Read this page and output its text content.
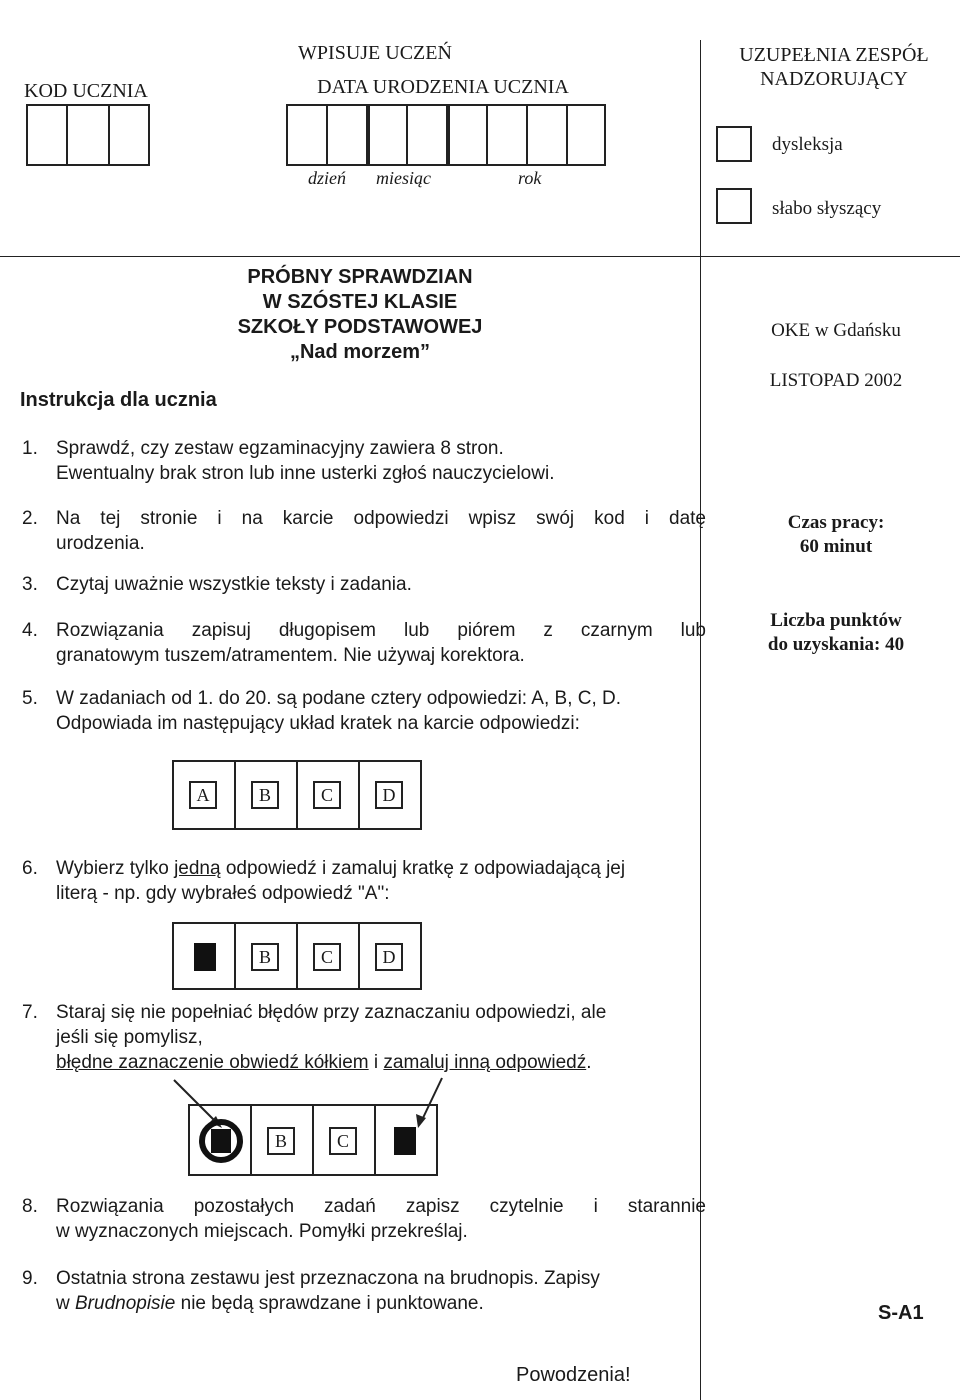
KOD UCZNIA
WPISUJE UCZEŃ
DATA URODZENIA UCZNIA
dzień miesiąc	rok
UZUPEŁNIA ZESPÓŁ
NADZORUJĄCY
dysleksja
słabo słyszący
PRÓBNY SPRAWDZIAN
W SZÓSTEJ KLASIE
SZKOŁY PODSTAWOWEJ
„Nad morzem”
Instrukcja dla ucznia
OKE w Gdańsku
LISTOPAD 2002
Czas pracy:
60 minut
Liczba punktów
do uzyskania: 40
1. Sprawdź, czy zestaw egzaminacyjny zawiera 8 stron.
Ewentualny brak stron lub inne usterki zgłoś nauczycielowi.
2. Na tej stronie i na karcie odpowiedzi wpisz swój kod i datę
urodzenia.
3. Czytaj uważnie wszystkie teksty i zadania.
4. Rozwiązania zapisuj długopisem lub piórem z czarnym lub
granatowym tuszem/atramentem. Nie używaj korektora.
5. W zadaniach od 1. do 20. są podane cztery odpowiedzi: A, B, C, D.
Odpowiada im następujący układ kratek na karcie odpowiedzi:
A	B	C	D
6. Wybierz tylko jedną odpowiedź i zamaluj kratkę z odpowiadającą jej
literą - np. gdy wybrałeś odpowiedź "A":
B	C	D
7. Staraj się nie popełniać błędów przy zaznaczaniu odpowiedzi, ale
jeśli się pomylisz,
błędne zaznaczenie obwiedź kółkiem i zamaluj inną odpowiedź.
B	C
8. Rozwiązania pozostałych zadań zapisz czytelnie i starannie
w wyznaczonych miejscach. Pomyłki przekreślaj.
9. Ostatnia strona zestawu jest przeznaczona na brudnopis. Zapisy
w Brudnopisie nie będą sprawdzane i punktowane.	S-A1
Powodzenia!
